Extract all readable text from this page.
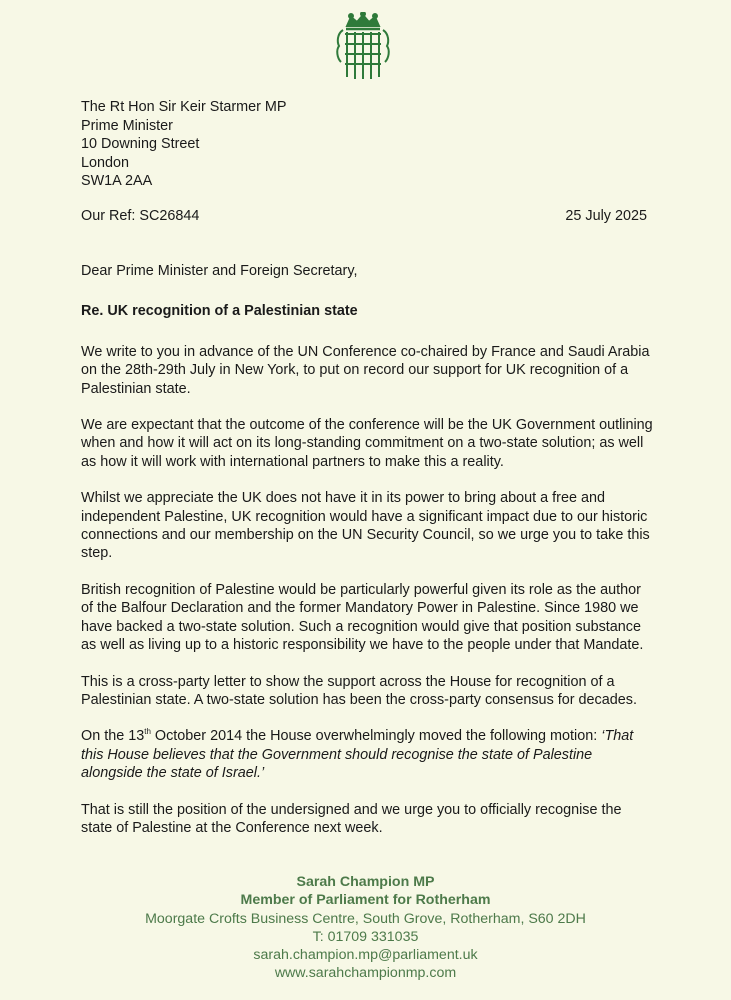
The Rt Hon Sir Keir Starmer MP
Prime Minister
10 Downing Street
London
SW1A 2AA
Our Ref: SC26844	25 July 2025

Dear Prime Minister and Foreign Secretary,

Re. UK recognition of a Palestinian state

We write to you in advance of the UN Conference co-chaired by France and Saudi Arabia on the 28th-29th July in New York, to put on record our support for UK recognition of a Palestinian state.

We are expectant that the outcome of the conference will be the UK Government outlining when and how it will act on its long-standing commitment on a two-state solution; as well as how it will work with international partners to make this a reality.

Whilst we appreciate the UK does not have it in its power to bring about a free and independent Palestine, UK recognition would have a significant impact due to our historic connections and our membership on the UN Security Council, so we urge you to take this step.

British recognition of Palestine would be particularly powerful given its role as the author of the Balfour Declaration and the former Mandatory Power in Palestine. Since 1980 we have backed a two-state solution. Such a recognition would give that position substance as well as living up to a historic responsibility we have to the people under that Mandate.

This is a cross-party letter to show the support across the House for recognition of a Palestinian state. A two-state solution has been the cross-party consensus for decades.

On the 13th October 2014 the House overwhelmingly moved the following motion: ‘That this House believes that the Government should recognise the state of Palestine alongside the state of Israel.’

That is still the position of the undersigned and we urge you to officially recognise the state of Palestine at the Conference next week.

Sarah Champion MP
Member of Parliament for Rotherham
Moorgate Crofts Business Centre, South Grove, Rotherham, S60 2DH
T: 01709 331035
sarah.champion.mp@parliament.uk
www.sarahchampionmp.com
